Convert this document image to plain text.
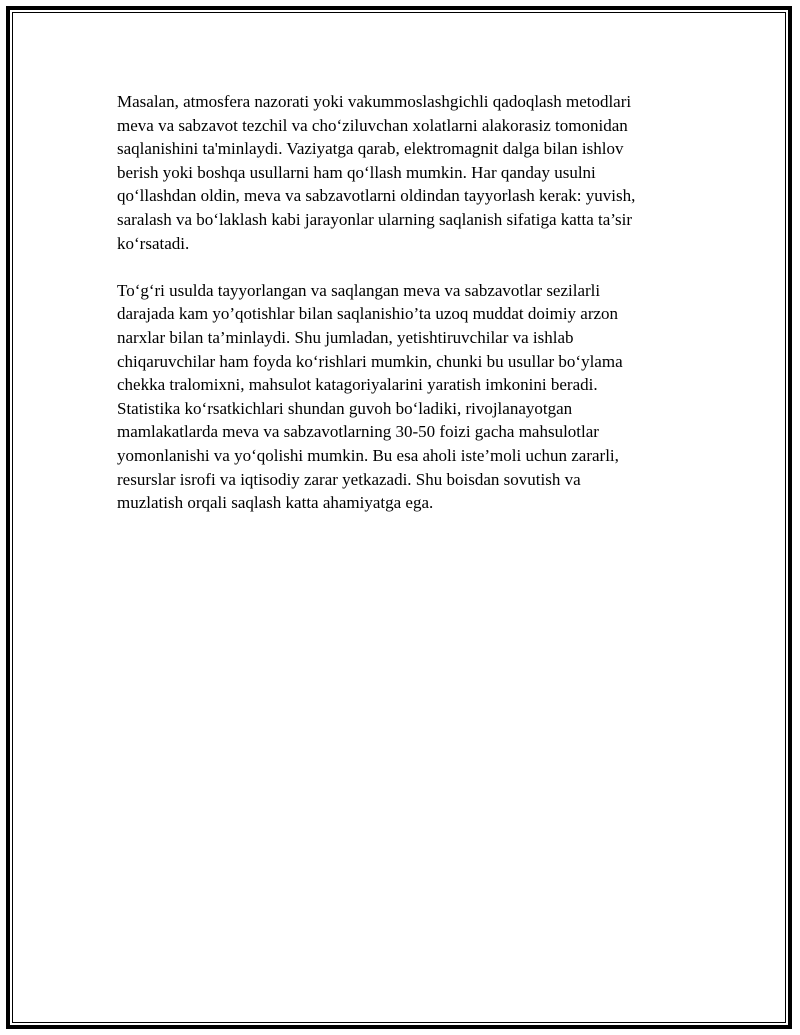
Masalan, atmosfera nazorati yoki vakummoslashgichli qadoqlash metodlari
meva va sabzavot tezchil va cho‘ziluvchan xolatlarni alakorasiz tomonidan
saqlanishini ta'minlaydi. Vaziyatga qarab, elektromagnit dalga bilan ishlov
berish yoki boshqa usullarni ham qo‘llash mumkin. Har qanday usulni
qo‘llashdan oldin, meva va sabzavotlarni oldindan tayyorlash kerak: yuvish,
saralash va bo‘laklash kabi jarayonlar ularning saqlanish sifatiga katta ta’sir
ko‘rsatadi.

To‘g‘ri usulda tayyorlangan va saqlangan meva va sabzavotlar sezilarli
darajada kam yo’qotishlar bilan saqlanishio’ta uzoq muddat doimiy arzon
narxlar bilan ta’minlaydi. Shu jumladan, yetishtiruvchilar va ishlab
chiqaruvchilar ham foyda ko‘rishlari mumkin, chunki bu usullar bo‘ylama
chekka tralomixni, mahsulot katagoriyalarini yaratish imkonini beradi.
Statistika ko‘rsatkichlari shundan guvoh bo‘ladiki, rivojlanayotgan
mamlakatlarda meva va sabzavotlarning 30-50 foizi gacha mahsulotlar
yomonlanishi va yo‘qolishi mumkin. Bu esa aholi iste’moli uchun zararli,
resurslar isrofi va iqtisodiy zarar yetkazadi. Shu boisdan sovutish va
muzlatish orqali saqlash katta ahamiyatga ega.
